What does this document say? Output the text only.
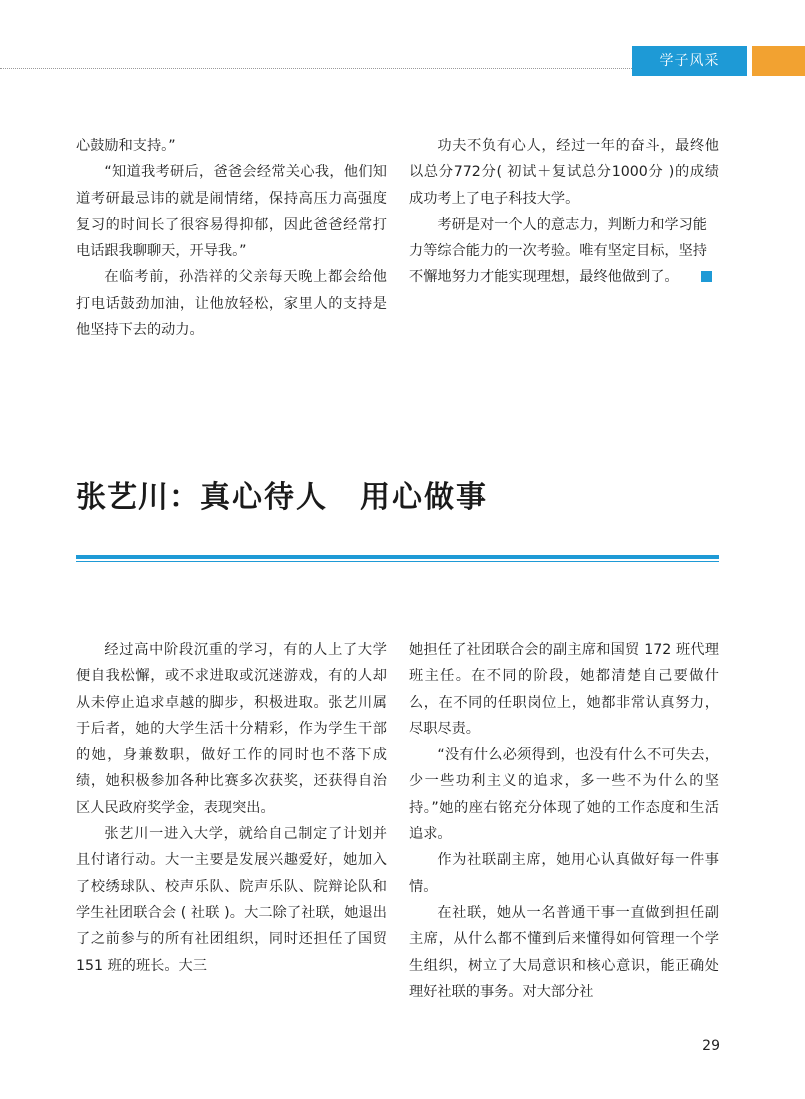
学子风采

心鼓励和支持。”

“知道我考研后，爸爸会经常关心我，他们知道考研最忌讳的就是闹情绪，保持高压力高强度复习的时间长了很容易得抑郁，因此爸爸经常打电话跟我聊聊天，开导我。”

在临考前，孙浩祥的父亲每天晚上都会给他打电话鼓劲加油，让他放轻松，家里人的支持是他坚持下去的动力。

功夫不负有心人，经过一年的奋斗，最终他以总分772分( 初试＋复试总分1000分 )的成绩成功考上了电子科技大学。

考研是对一个人的意志力，判断力和学习能力等综合能力的一次考验。唯有坚定目标，坚持不懈地努力才能实现理想，最终他做到了。

张艺川：真心待人　用心做事

经过高中阶段沉重的学习，有的人上了大学便自我松懈，或不求进取或沉迷游戏，有的人却从未停止追求卓越的脚步，积极进取。张艺川属于后者，她的大学生活十分精彩，作为学生干部的她，身兼数职，做好工作的同时也不落下成绩，她积极参加各种比赛多次获奖，还获得自治区人民政府奖学金，表现突出。

张艺川一进入大学，就给自己制定了计划并且付诸行动。大一主要是发展兴趣爱好，她加入了校绣球队、校声乐队、院声乐队、院辩论队和学生社团联合会 ( 社联 )。大二除了社联，她退出了之前参与的所有社团组织，同时还担任了国贸 151 班的班长。大三

她担任了社团联合会的副主席和国贸 172 班代理班主任。在不同的阶段，她都清楚自己要做什么，在不同的任职岗位上，她都非常认真努力，尽职尽责。

“没有什么必须得到，也没有什么不可失去，少一些功利主义的追求，多一些不为什么的坚持。”她的座右铭充分体现了她的工作态度和生活追求。

作为社联副主席，她用心认真做好每一件事情。

在社联，她从一名普通干事一直做到担任副主席，从什么都不懂到后来懂得如何管理一个学生组织，树立了大局意识和核心意识，能正确处理好社联的事务。对大部分社

29
